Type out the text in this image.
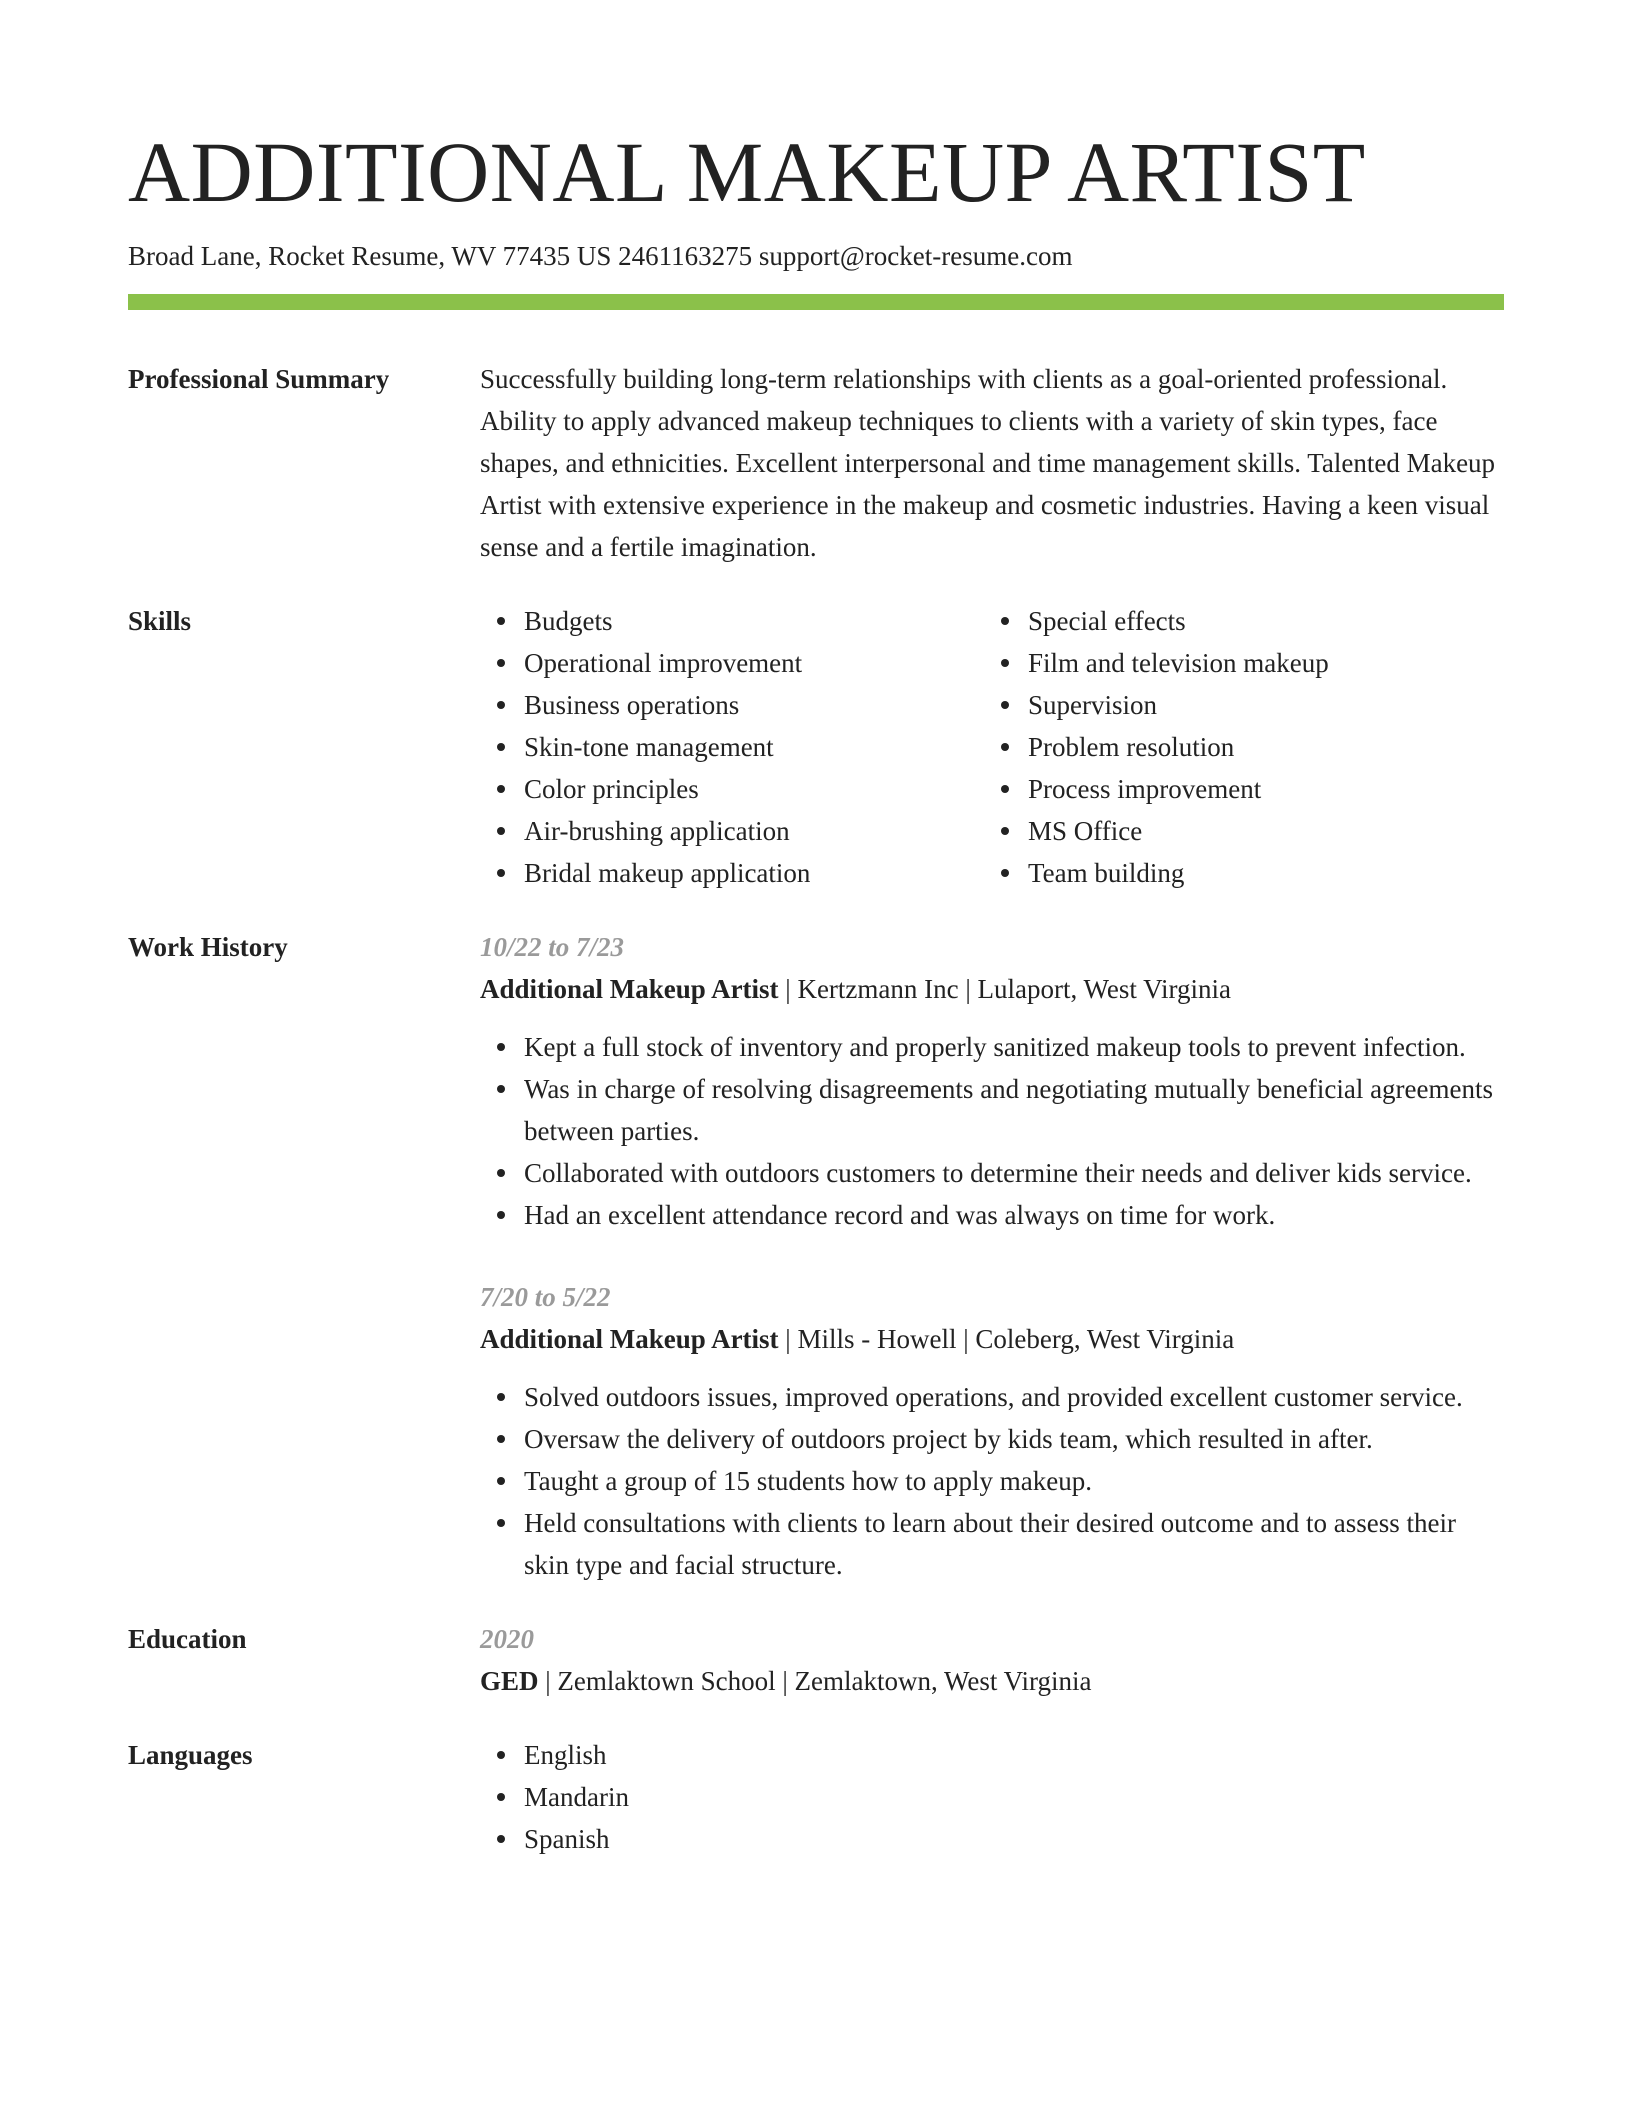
ADDITIONAL MAKEUP ARTIST
Broad Lane, Rocket Resume, WV 77435 US 2461163275 support@rocket-resume.com
Professional Summary	Successfully building long-term relationships with clients as a goal-oriented professional. Ability to apply advanced makeup techniques to clients with a variety of skin types, face shapes, and ethnicities. Excellent interpersonal and time management skills. Talented Makeup Artist with extensive experience in the makeup and cosmetic industries. Having a keen visual sense and a fertile imagination.

Skills	Budgets
Operational improvement
Business operations
Skin-tone management
Color principles
Air-brushing application
Bridal makeup application
Special effects
Film and television makeup
Supervision
Problem resolution
Process improvement
MS Office
Team building
Work History	10/22 to 7/23

Additional Makeup Artist | Kertzmann Inc | Lulaport, West Virginia

Kept a full stock of inventory and properly sanitized makeup tools to prevent infection.
Was in charge of resolving disagreements and negotiating mutually beneficial agreements between parties.
Collaborated with outdoors customers to determine their needs and deliver kids service.
Had an excellent attendance record and was always on time for work.
7/20 to 5/22

Additional Makeup Artist | Mills - Howell | Coleberg, West Virginia

Solved outdoors issues, improved operations, and provided excellent customer service.
Oversaw the delivery of outdoors project by kids team, which resulted in after.
Taught a group of 15 students how to apply makeup.
Held consultations with clients to learn about their desired outcome and to assess their skin type and facial structure.
Education	2020

GED | Zemlaktown School | Zemlaktown, West Virginia

Languages	English
Mandarin
Spanish
